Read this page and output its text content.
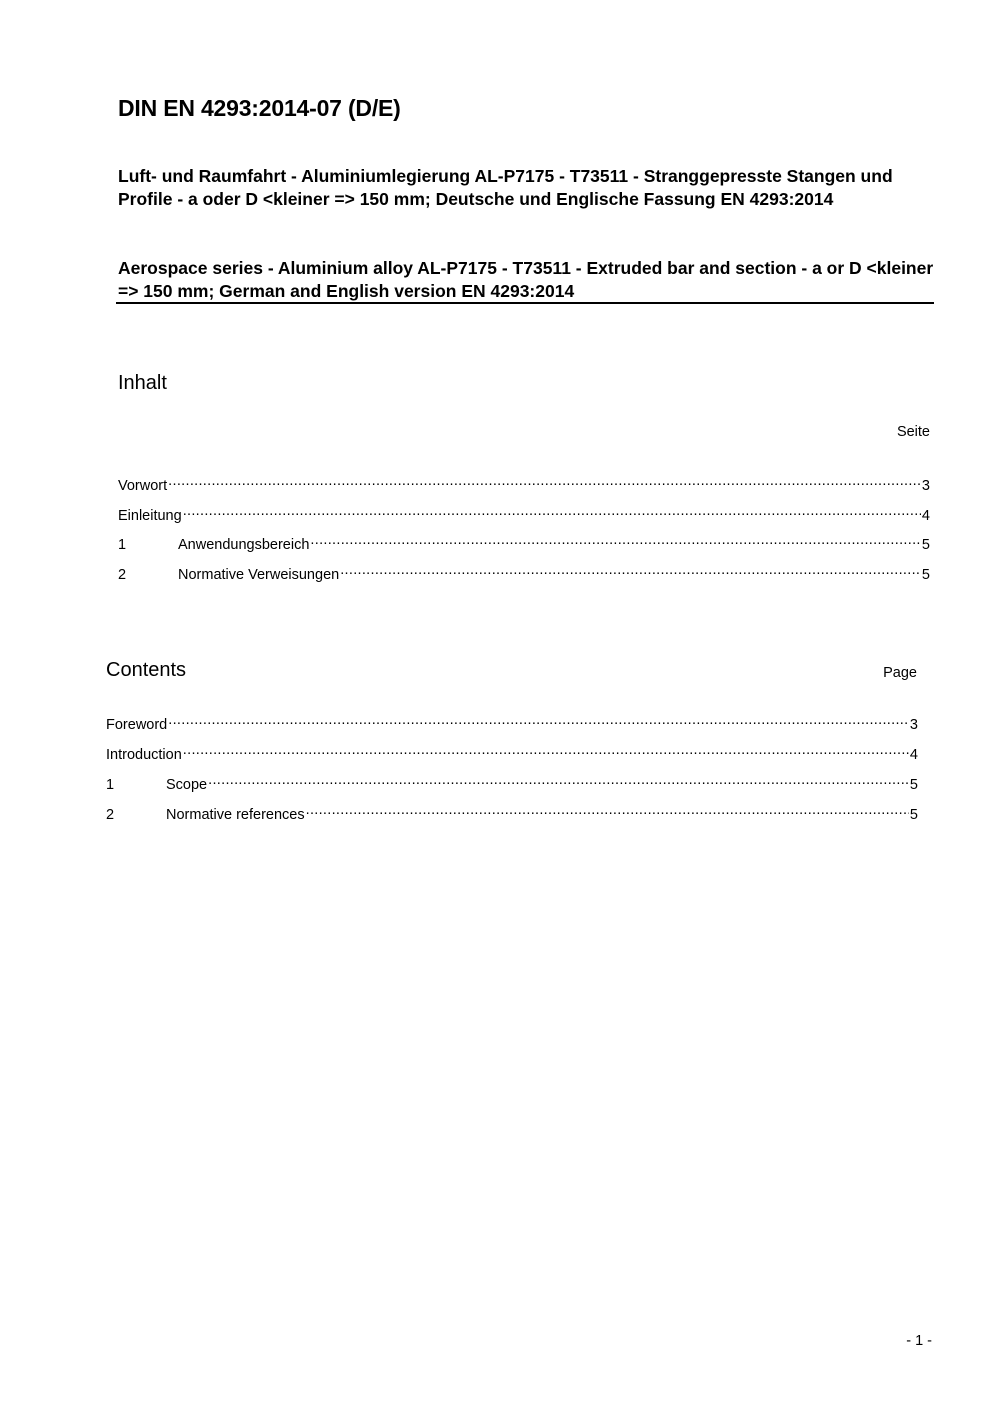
DIN EN 4293:2014-07 (D/E)
Luft- und Raumfahrt - Aluminiumlegierung AL-P7175 - T73511 - Stranggepresste Stangen und Profile - a oder D <kleiner => 150 mm; Deutsche und Englische Fassung EN 4293:2014
Aerospace series - Aluminium alloy AL-P7175 - T73511 - Extruded bar and section - a or D <kleiner => 150 mm; German and English version EN 4293:2014
Inhalt
Seite
Vorwort .....	3
Einleitung .....	4
1	Anwendungsbereich .....	5
2	Normative Verweisungen .....	5
Contents	Page
Foreword .....	3
Introduction .....	4
1	Scope .....	5
2	Normative references .....	5
- 1 -
